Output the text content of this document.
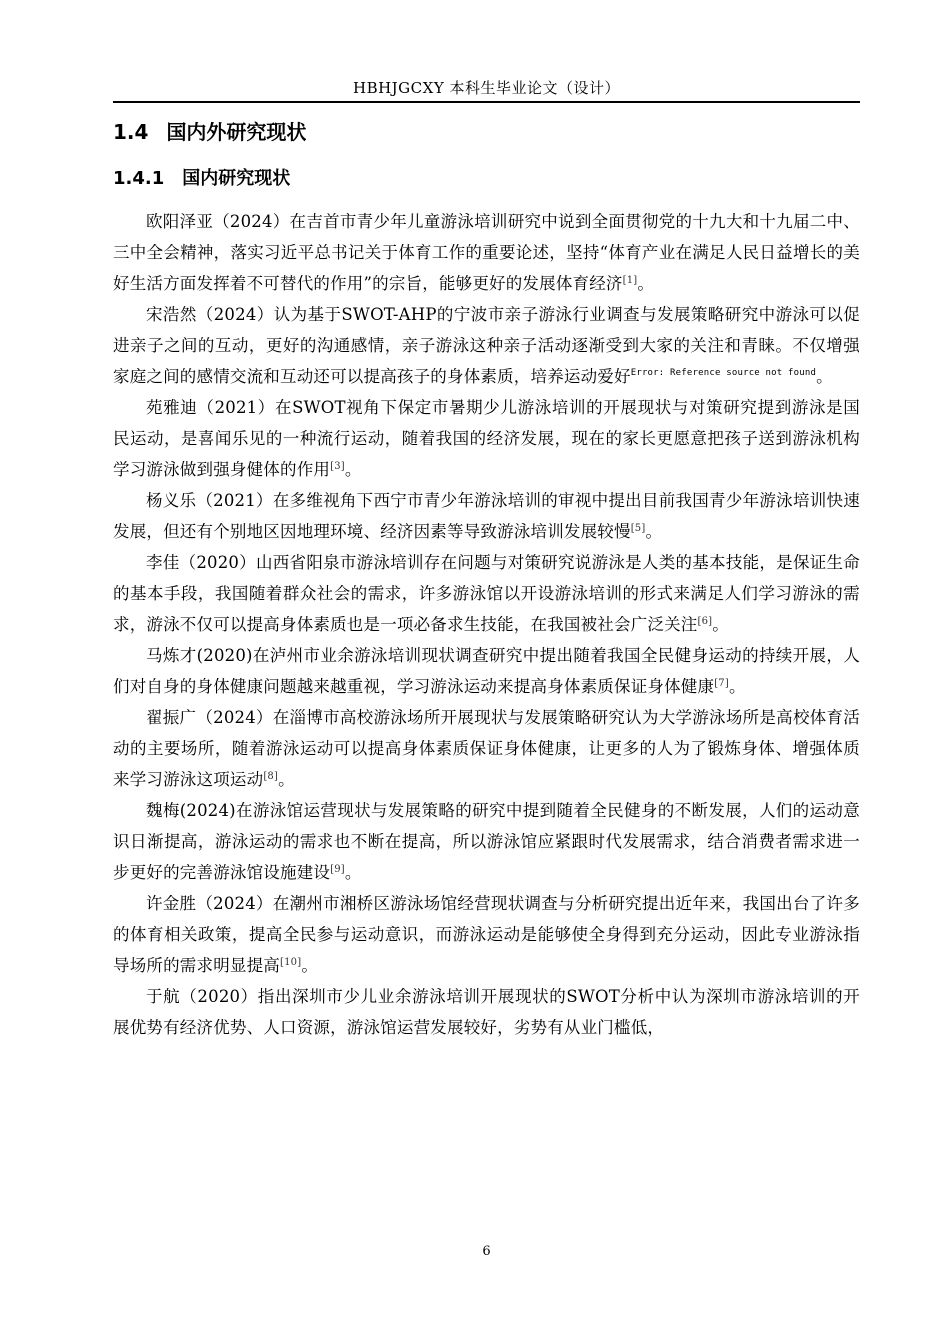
HBHJGCXY 本科生毕业论文（设计）
1.4 国内外研究现状
1.4.1 国内研究现状

欧阳泽亚（2024）在吉首市青少年儿童游泳培训研究中说到全面贯彻党的十九大和十九届二中、三中全会精神，落实习近平总书记关于体育工作的重要论述，坚持“体育产业在满足人民日益增长的美好生活方面发挥着不可替代的作用”的宗旨，能够更好的发展体育经济[1]。

宋浩然（2024）认为基于SWOT-AHP的宁波市亲子游泳行业调查与发展策略研究中游泳可以促进亲子之间的互动，更好的沟通感情，亲子游泳这种亲子活动逐渐受到大家的关注和青睐。不仅增强家庭之间的感情交流和互动还可以提高孩子的身体素质，培养运动爱好$^{Error: Reference source not found}$。

苑雅迪（2021）在SWOT视角下保定市暑期少儿游泳培训的开展现状与对策研究提到游泳是国民运动，是喜闻乐见的一种流行运动，随着我国的经济发展，现在的家长更愿意把孩子送到游泳机构学习游泳做到强身健体的作用[3]。

杨义乐（2021）在多维视角下西宁市青少年游泳培训的审视中提出目前我国青少年游泳培训快速发展，但还有个别地区因地理环境、经济因素等导致游泳培训发展较慢[5]。

李佳（2020）山西省阳泉市游泳培训存在问题与对策研究说游泳是人类的基本技能，是保证生命的基本手段，我国随着群众社会的需求，许多游泳馆以开设游泳培训的形式来满足人们学习游泳的需求，游泳不仅可以提高身体素质也是一项必备求生技能，在我国被社会广泛关注[6]。

马炼才(2020)在泸州市业余游泳培训现状调查研究中提出随着我国全民健身运动的持续开展，人们对自身的身体健康问题越来越重视，学习游泳运动来提高身体素质保证身体健康[7]。

翟振广（2024）在淄博市高校游泳场所开展现状与发展策略研究认为大学游泳场所是高校体育活动的主要场所，随着游泳运动可以提高身体素质保证身体健康，让更多的人为了锻炼身体、增强体质来学习游泳这项运动[8]。

魏梅(2024)在游泳馆运营现状与发展策略的研究中提到随着全民健身的不断发展，人们的运动意识日渐提高，游泳运动的需求也不断在提高，所以游泳馆应紧跟时代发展需求，结合消费者需求进一步更好的完善游泳馆设施建设[9]。

许金胜（2024）在潮州市湘桥区游泳场馆经营现状调查与分析研究提出近年来，我国出台了许多的体育相关政策，提高全民参与运动意识，而游泳运动是能够使全身得到充分运动，因此专业游泳指导场所的需求明显提高[10]。

于航（2020）指出深圳市少儿业余游泳培训开展现状的SWOT分析中认为深圳市游泳培训的开展优势有经济优势、人口资源，游泳馆运营发展较好，劣势有从业门槛低，

6
